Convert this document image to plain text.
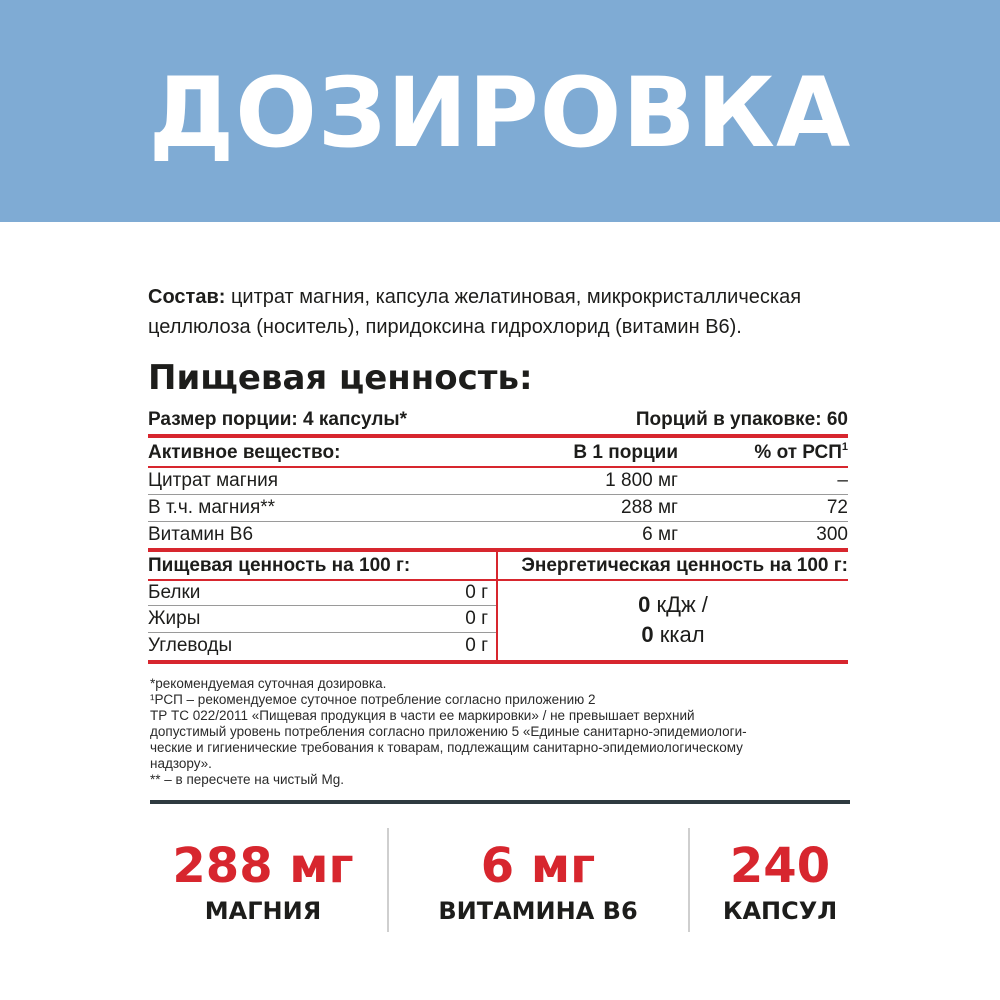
ДОЗИРОВКА
Состав: цитрат магния, капсула желатиновая, микрокристаллическая целлюлоза (носитель), пиридоксина гидрохлорид (витамин В6).
Пищевая ценность:
Размер порции: 4 капсулы*	Порций в упаковке: 60
Активное вещество:	В 1 порции	% от РСП$^1$
Цитрат магния	1 800 мг	–
В т.ч. магния**	288 мг	72
Витамин В6	6 мг	300
Пищевая ценность на 100 г:	Энергетическая ценность на 100 г:
Белки	0 г
Жиры	0 г
Углеводы	0 г
0 кДж /
0 ккал
*рекомендуемая суточная дозировка.
¹РСП – рекомендуемое суточное потребление согласно приложению 2
ТР ТС 022/2011 «Пищевая продукция в части ее маркировки» / не превышает верхний
допустимый уровень потребления согласно приложению 5 «Единые санитарно-эпидемиологи-
ческие и гигиенические требования к товарам, подлежащим санитарно-эпидемиологическому
надзору».
** – в пересчете на чистый Mg.
288 мг
МАГНИЯ
6 мг
ВИТАМИНА В6
240
КАПСУЛ
